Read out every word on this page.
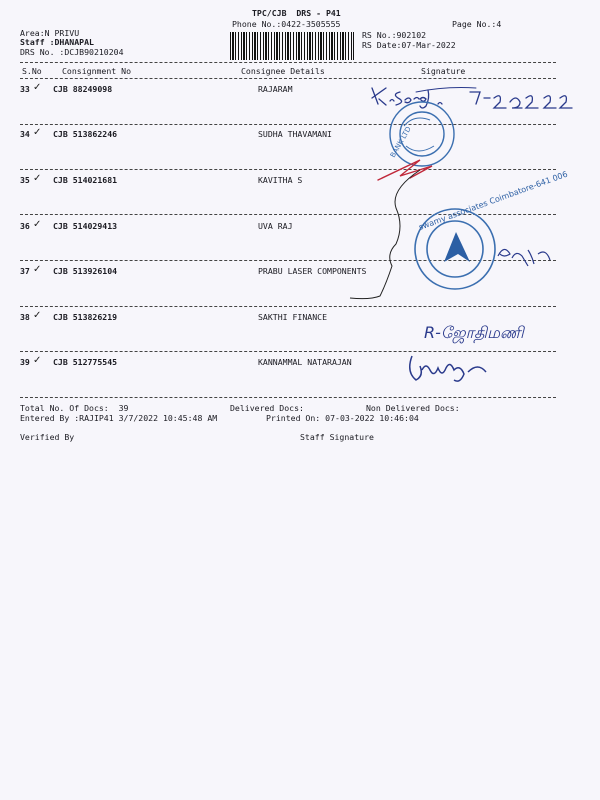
TPC/CJB  DRS - P41
Phone No.:0422-3505555	Page No.:4
Area:N PRIVU
Staff :DHANAPAL
DRS No. :DCJB90210204
RS No.:902102
RS Date:07-Mar-2022
S.No Consignment No	Consignee Details	Signature
33 ✓ CJB 88249098	RAJARAM
34 ✓ CJB 513862246	SUDHA THAVAMANI
35 ✓ CJB 514021681	KAVITHA S
36 ✓ CJB 514029413	UVA RAJ
37 ✓ CJB 513926104	PRABU LASER COMPONENTS
38 ✓ CJB 513826219	SAKTHI FINANCE
39 ✓ CJB 512775545	KANNAMMAL NATARAJAN
Total No. Of Docs:  39	Delivered Docs:	Non Delivered Docs:
Entered By :RAJIP41 3/7/2022 10:45:48 AM	Printed On: 07-03-2022 10:46:04
Verified By	Staff Signature
BANK LTD
swamy associates Coimbatore-641 006
R-ஜோதிமணி
